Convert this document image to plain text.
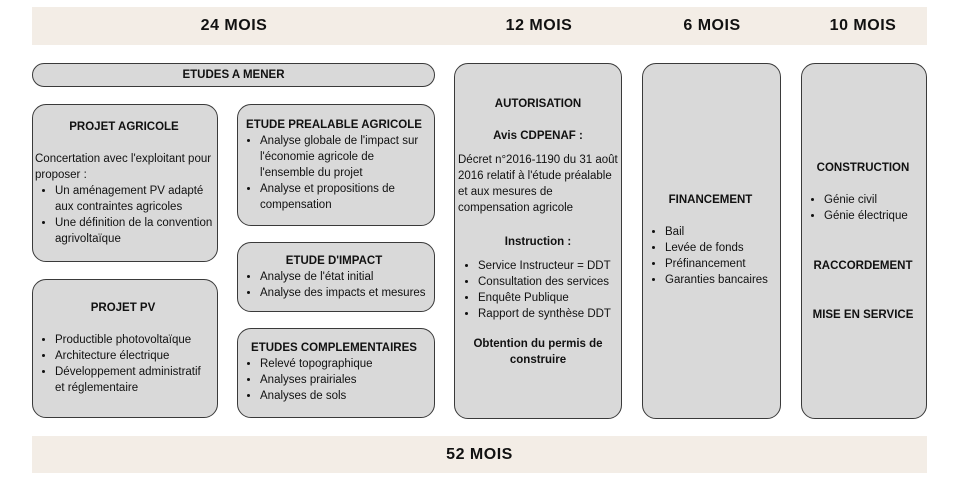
24 MOIS	12 MOIS	6 MOIS	10 MOIS
ETUDES A MENER
PROJET AGRICOLE

Concertation avec l'exploitant pour proposer :

• Un aménagement PV adapté aux contraintes agricoles
• Une définition de la convention agrivoltaïque
PROJET PV
• Productible photovoltaïque
• Architecture électrique
• Développement administratif et réglementaire
ETUDE PREALABLE AGRICOLE
• Analyse globale de l'impact sur l'économie agricole de l'ensemble du projet
• Analyse et propositions de compensation
ETUDE D'IMPACT
• Analyse de l'état initial
• Analyse des impacts et mesures
ETUDES COMPLEMENTAIRES
• Relevé topographique
• Analyses prairiales
• Analyses de sols
AUTORISATION
Avis CDPENAF :

Décret n°2016-1190 du 31 août 2016 relatif à l'étude préalable et aux mesures de compensation agricole

Instruction :
• Service Instructeur = DDT
• Consultation des services
• Enquête Publique
• Rapport de synthèse DDT
Obtention du permis de construire
FINANCEMENT
• Bail
• Levée de fonds
• Préfinancement
• Garanties bancaires
CONSTRUCTION
• Génie civil
• Génie électrique
RACCORDEMENT
MISE EN SERVICE
52 MOIS
